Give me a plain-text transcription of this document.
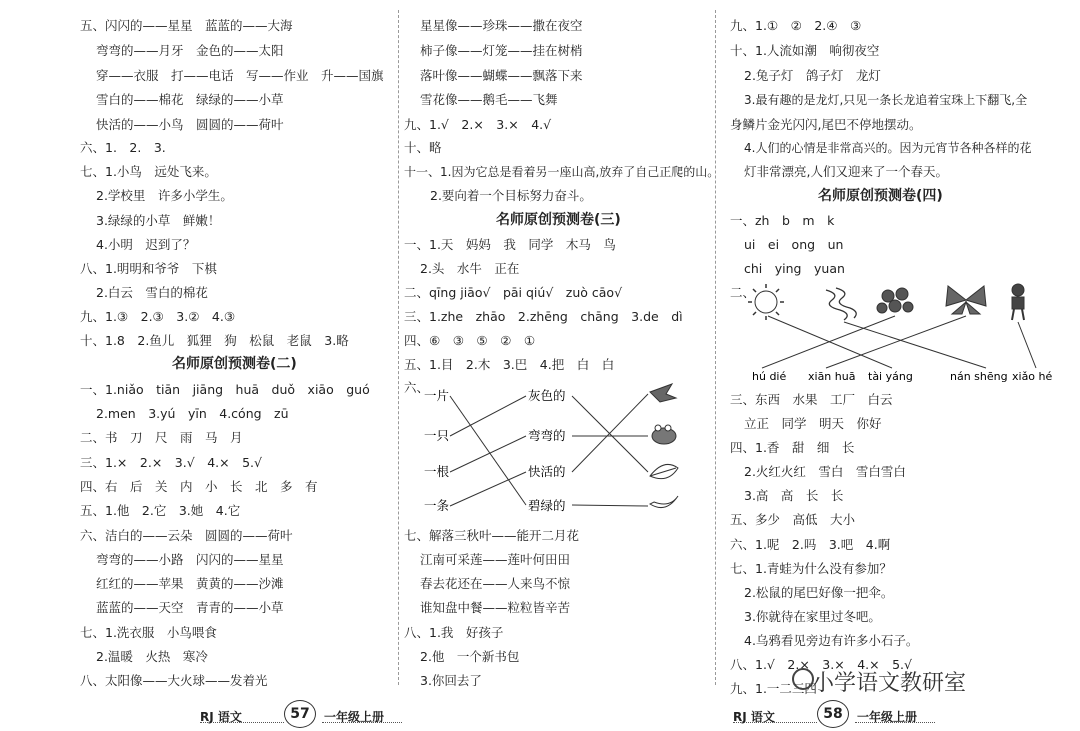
五、闪闪的——星星　蓝蓝的——大海
弯弯的——月牙　金色的——太阳
穿——衣服　打——电话　写——作业　升——国旗
雪白的——棉花　绿绿的——小草
快活的——小鸟　圆圆的——荷叶
六、1.　2.　3.
七、1.小鸟　远处飞来。
2.学校里　许多小学生。
3.绿绿的小草　鲜嫩！
4.小明　迟到了？
八、1.明明和爷爷　下棋
2.白云　雪白的棉花
九、1.③　2.③　3.②　4.③
十、1.8　2.鱼儿　狐狸　狗　松鼠　老鼠　3.略
名师原创预测卷(二)
一、1.niǎo　tiān　jiāng　huā　duǒ　xiāo　guó
2.men　3.yú　yīn　4.cóng　zū
二、书　刀　尺　雨　马　月
三、1.×　2.×　3.√　4.×　5.√
四、右　后　关　内　小　长　北　多　有
五、1.他　2.它　3.她　4.它
六、洁白的——云朵　圆圆的——荷叶
弯弯的——小路　闪闪的——星星
红红的——苹果　黄黄的——沙滩
蓝蓝的——天空　青青的——小草
七、1.洗衣服　小鸟喂食
2.温暖　火热　寒冷
八、太阳像——大火球——发着光
星星像——珍珠——撒在夜空
柿子像——灯笼——挂在树梢
落叶像——蝴蝶——飘落下来
雪花像——鹅毛——飞舞
九、1.√　2.×　3.×　4.√
十、略
十一、1.因为它总是看着另一座山高,放弃了自己正爬的山。
2.要向着一个目标努力奋斗。
名师原创预测卷(三)
一、1.天　妈妈　我　同学　木马　鸟
2.头　水牛　正在
二、qīng jiāo√　pāi qiú√　zuò cāo√
三、1.zhe　zhāo　2.zhēng　chāng　3.de　dì
四、⑥　③　⑤　②　①
五、1.目　2.木　3.巴　4.把　白　白
六、
一片
一只
一根
一条
灰色的
弯弯的
快活的
碧绿的
七、解落三秋叶——能开二月花
江南可采莲——莲叶何田田
春去花还在——人来鸟不惊
谁知盘中餐——粒粒皆辛苦
八、1.我　好孩子
2.他　一个新书包
3.你回去了
九、1.①　②　2.④　③
十、1.人流如潮　响彻夜空
2.兔子灯　鸽子灯　龙灯
3.最有趣的是龙灯,只见一条长龙追着宝珠上下翻飞,全
身鳞片金光闪闪,尾巴不停地摆动。
4.人们的心情是非常高兴的。因为元宵节各种各样的花
灯非常漂亮,人们又迎来了一个春天。
名师原创预测卷(四)
一、zh　b　m　k
ui　ei　ong　un
chi　ying　yuan
二、
hú dié xiān huā tài yáng	nán shēng xiǎo hé
三、东西　水果　工厂　白云
立正　同学　明天　你好
四、1.香　甜　细　长
2.火红火红　雪白　雪白雪白
3.高　高　长　长
五、多少　高低　大小
六、1.呢　2.吗　3.吧　4.啊
七、1.青蛙为什么没有参加？
2.松鼠的尾巴好像一把伞。
3.你就待在家里过冬吧。
4.乌鸦看见旁边有许多小石子。
八、1.√　2.×　3.×　4.×　5.√
九、1.一二三四
RJ 语文	57	一年级上册	RJ 语文	58	一年级上册
小学语文教研室
